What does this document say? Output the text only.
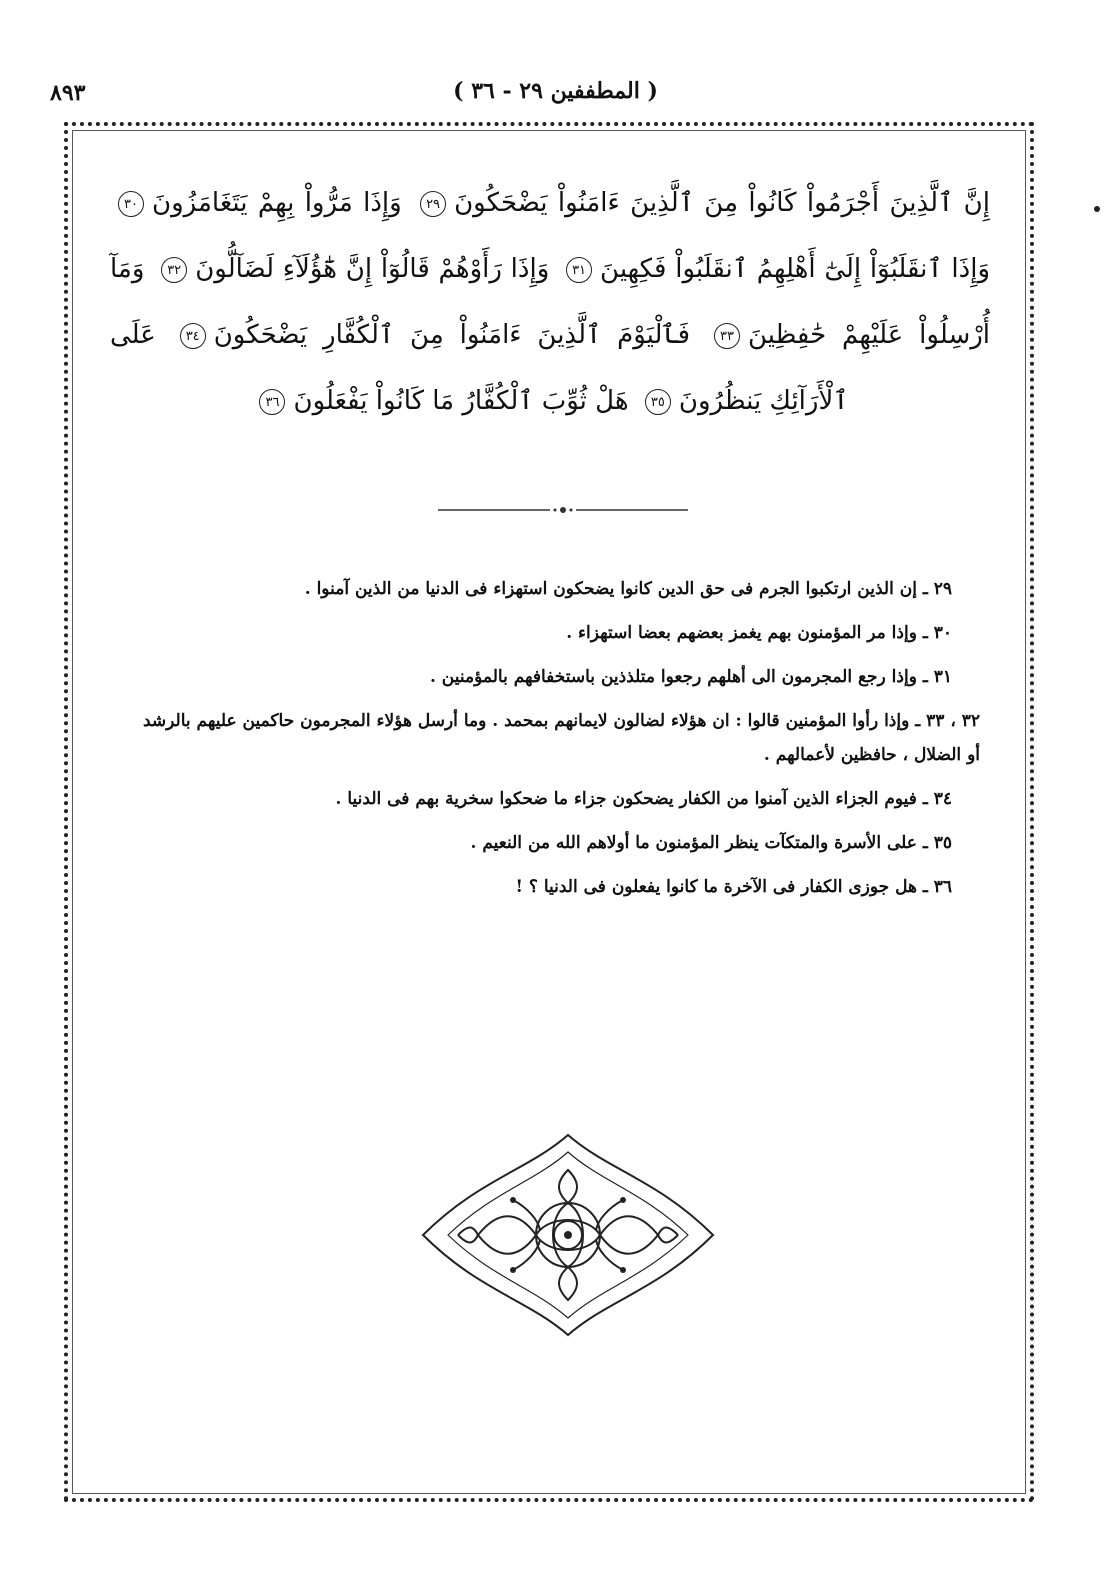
٨٩٣	( المطففين ٢٩ - ٣٦ )
إِنَّ ٱلَّذِينَ أَجْرَمُواْ كَانُواْ مِنَ ٱلَّذِينَ ءَامَنُواْ يَضْحَكُونَ٢٩ وَإِذَا مَرُّواْ بِهِمْ يَتَغَامَزُونَ٣٠ وَإِذَا ٱنقَلَبُوٓاْ إِلَىٰٓ أَهْلِهِمُ ٱنقَلَبُواْ فَكِهِينَ٣١ وَإِذَا رَأَوْهُمْ قَالُوٓاْ إِنَّ هَٰٓؤُلَآءِ لَضَآلُّونَ٣٢ وَمَآ أُرْسِلُواْ عَلَيْهِمْ حَٰفِظِينَ٣٣ فَٱلْيَوْمَ ٱلَّذِينَ ءَامَنُواْ مِنَ ٱلْكُفَّارِ يَضْحَكُونَ٣٤ عَلَى ٱلْأَرَآئِكِ يَنظُرُونَ٣٥ هَلْ ثُوِّبَ ٱلْكُفَّارُ مَا كَانُواْ يَفْعَلُونَ٣٦

٢٩ ـ إن الذين ارتكبوا الجرم فى حق الدين كانوا يضحكون استهزاء فى الدنيا من الذين آمنوا .

٣٠ ـ وإذا مر المؤمنون بهم يغمز بعضهم بعضا استهزاء .

٣١ ـ وإذا رجع المجرمون الى أهلهم رجعوا متلذذين باستخفافهم بالمؤمنين .

٣٢ ، ٣٣ ـ وإذا رأوا المؤمنين قالوا : ان هؤلاء لضالون لايمانهم بمحمد . وما أرسل هؤلاء المجرمون حاكمين عليهم بالرشد أو الضلال ، حافظين لأعمالهم .

٣٤ ـ فيوم الجزاء الذين آمنوا من الكفار يضحكون جزاء ما ضحكوا سخرية بهم فى الدنيا .

٣٥ ـ على الأسرة والمتكآت ينظر المؤمنون ما أولاهم الله من النعيم .

٣٦ ـ هل جوزى الكفار فى الآخرة ما كانوا يفعلون فى الدنيا ؟ !
